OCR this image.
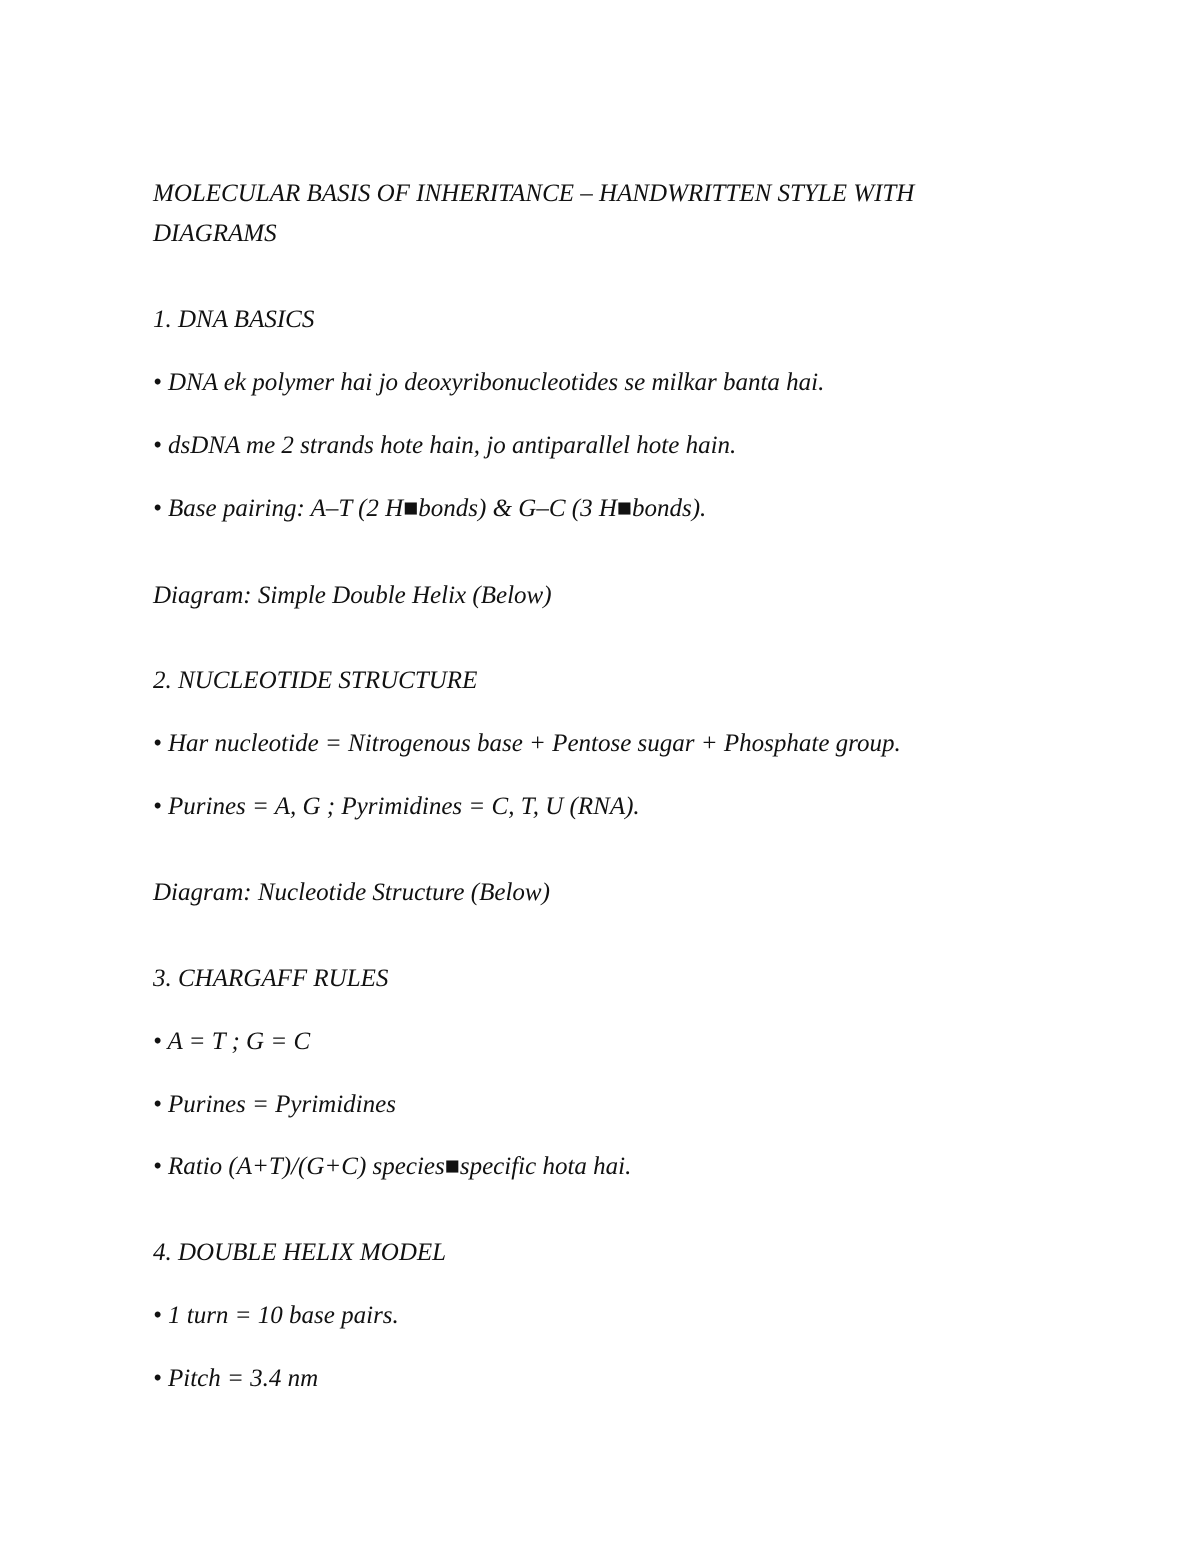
MOLECULAR BASIS OF INHERITANCE – HANDWRITTEN STYLE WITH DIAGRAMS
1. DNA BASICS

• DNA ek polymer hai jo deoxyribonucleotides se milkar banta hai.

• dsDNA me 2 strands hote hain, jo antiparallel hote hain.

• Base pairing: A–T (2 H■bonds) & G–C (3 H■bonds).

Diagram: Simple Double Helix (Below)

2. NUCLEOTIDE STRUCTURE

• Har nucleotide = Nitrogenous base + Pentose sugar + Phosphate group.

• Purines = A, G ; Pyrimidines = C, T, U (RNA).

Diagram: Nucleotide Structure (Below)

3. CHARGAFF RULES

• A = T ; G = C

• Purines = Pyrimidines

• Ratio (A+T)/(G+C) species■specific hota hai.

4. DOUBLE HELIX MODEL

• 1 turn = 10 base pairs.

• Pitch = 3.4 nm
